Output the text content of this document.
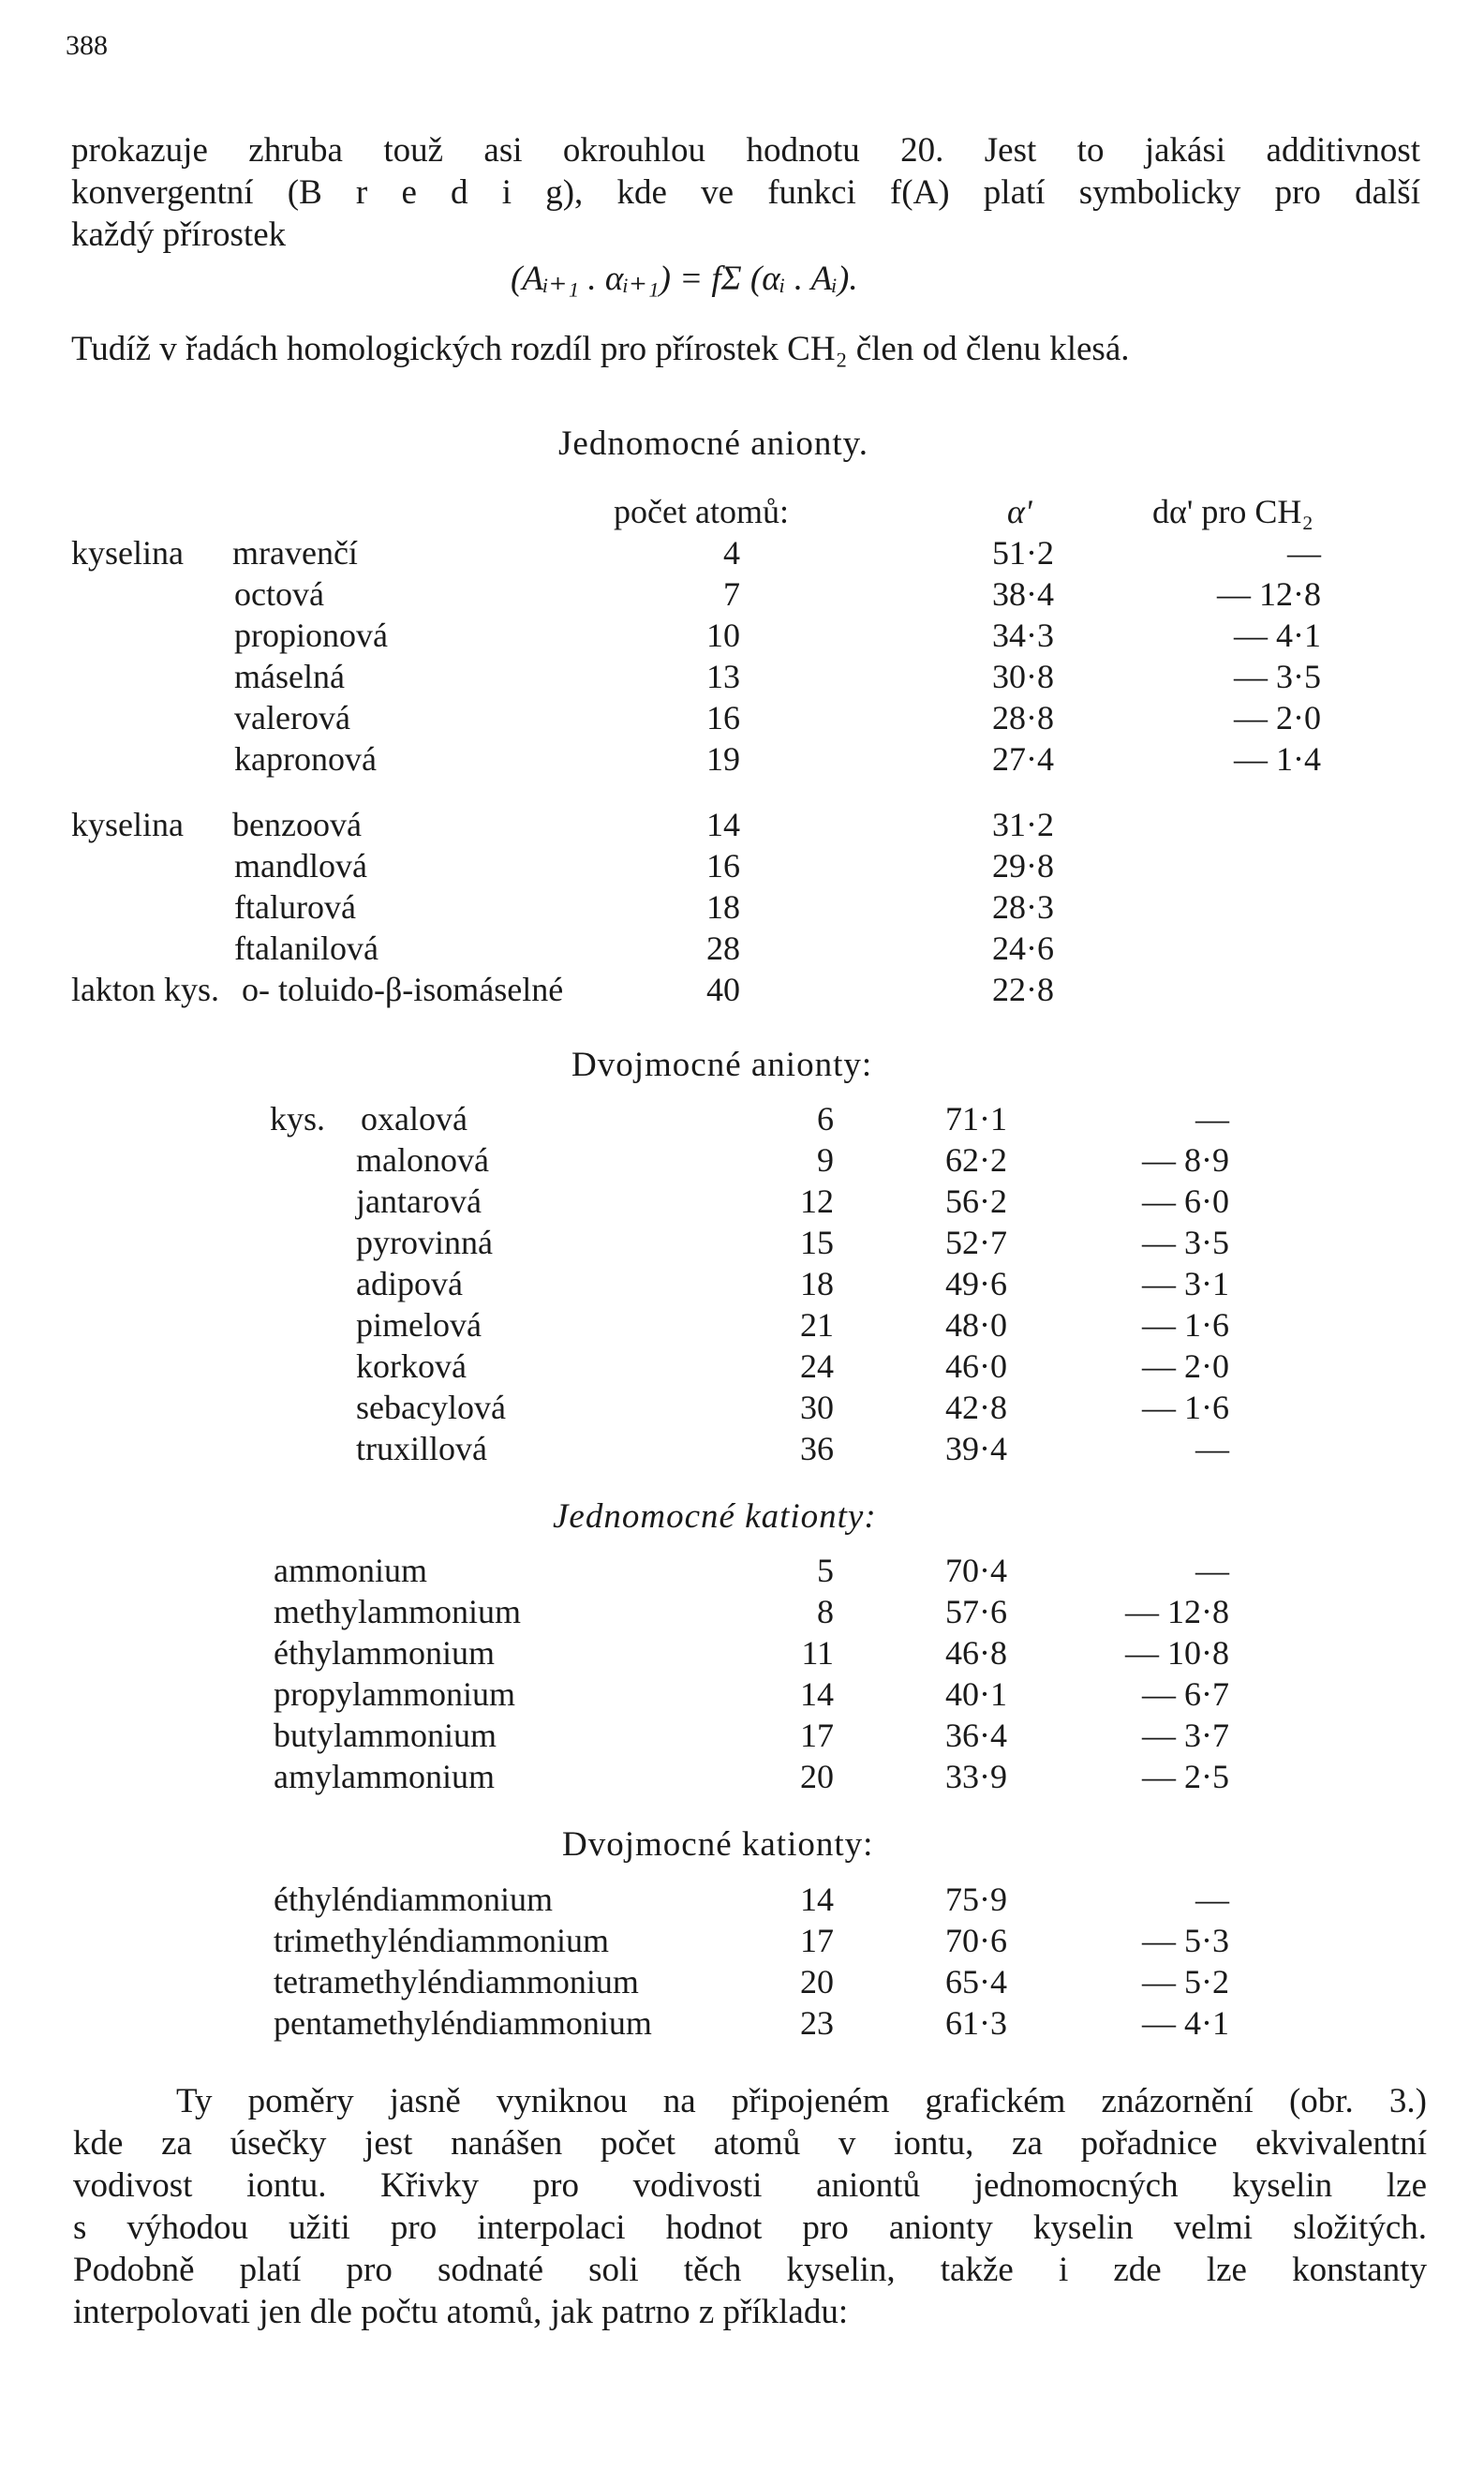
388
prokazuje zhruba touž asi okrouhlou hodnotu 20. Jest to jakási additivnost
konvergentní (B r e d i g), kde ve funkci f(A) platí symbolicky pro další
každý přírostek
(Aᵢ₊₁ . αᵢ₊₁) = fΣ (αᵢ . Aᵢ).
Tudíž v řadách homologických rozdíl pro přírostek CH₂ člen od členu klesá.
Jednomocné anionty.
počet atomů:	α'	dα' pro CH₂
kyselina mravenčí	4	51·2	—
octová	7	38·4	— 12·8
propionová	10	34·3	— 4·1
máselná	13	30·8	— 3·5
valerová	16	28·8	— 2·0
kapronová	19	27·4	— 1·4
kyselina benzoová	14	31·2
mandlová	16	29·8
ftalurová	18	28·3
ftalanilová	28	24·6
lakton kys. o- toluido-β-isomáselné	40	22·8
Dvojmocné anionty:
kys. oxalová	6	71·1	—
malonová	9	62·2	— 8·9
jantarová	12	56·2	— 6·0
pyrovinná	15	52·7	— 3·5
adipová	18	49·6	— 3·1
pimelová	21	48·0	— 1·6
korková	24	46·0	— 2·0
sebacylová	30	42·8	— 1·6
truxillová	36	39·4	—
Jednomocné kationty:
ammonium	5	70·4	—
methylammonium	8	57·6	— 12·8
éthylammonium	11	46·8	— 10·8
propylammonium	14	40·1	— 6·7
butylammonium	17	36·4	— 3·7
amylammonium	20	33·9	— 2·5
Dvojmocné kationty:
éthyléndiammonium	14	75·9	—
trimethyléndiammonium	17	70·6	— 5·3
tetramethyléndiammonium	20	65·4	— 5·2
pentamethyléndiammonium	23	61·3	— 4·1
Ty poměry jasně vyniknou na připojeném grafickém znázornění (obr. 3.)
kde za úsečky jest nanášen počet atomů v iontu, za pořadnice ekvivalentní
vodivost iontu. Křivky pro vodivosti aniontů jednomocných kyselin lze
s výhodou užiti pro interpolaci hodnot pro anionty kyselin velmi složitých.
Podobně platí pro sodnaté soli těch kyselin, takže i zde lze konstanty
interpolovati jen dle počtu atomů, jak patrno z příkladu:
